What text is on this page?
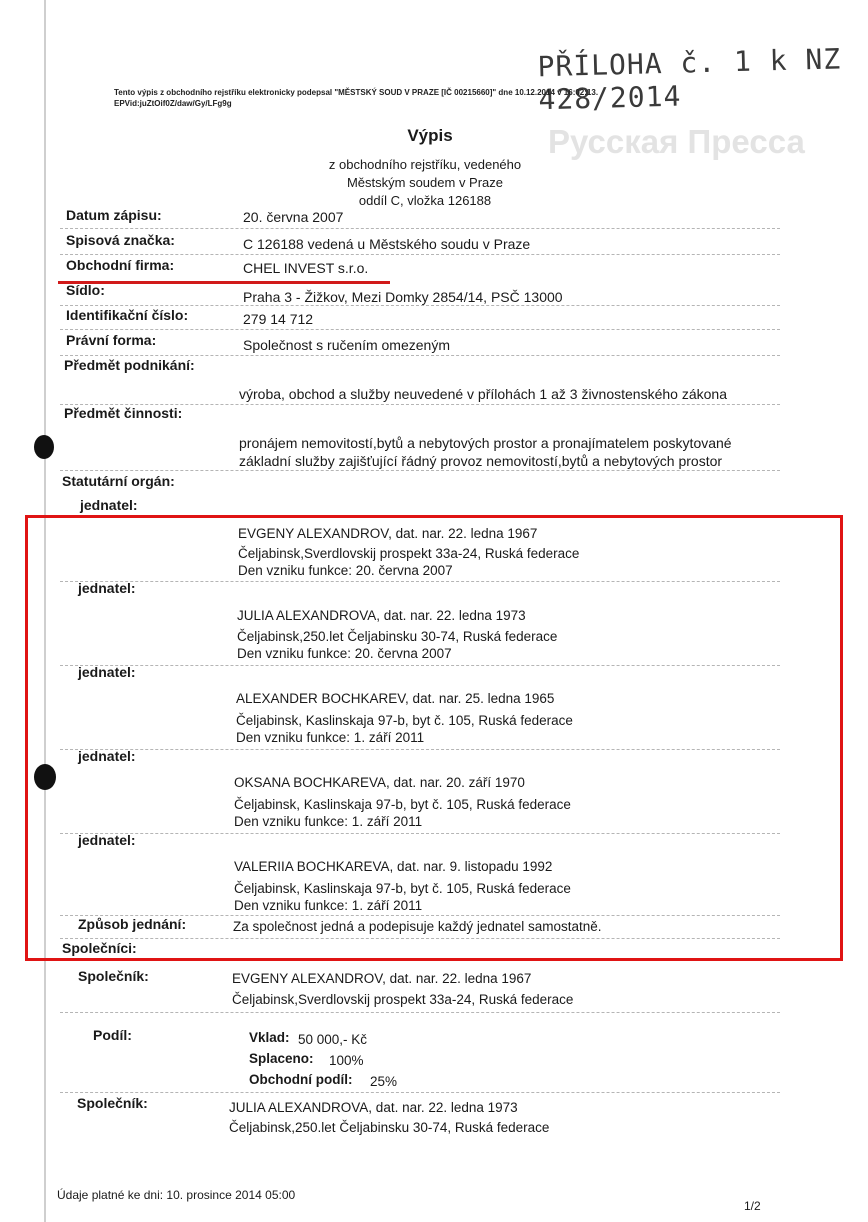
PŘÍLOHA č. 1 k NZ 428/2014
Tento výpis z obchodního rejstříku elektronicky podepsal "MĚSTSKÝ SOUD V PRAZE [IČ 00215660]" dne 10.12.2014 v 16:02:13.
EPVid:juZtOif0Z/daw/Gy/LFg9g
Русская Пресса
Výpis
z obchodního rejstříku, vedeného
Městským soudem v Praze
oddíl C, vložka 126188
Datum zápisu:	20. června 2007
Spisová značka:	C 126188 vedená u Městského soudu v Praze
Obchodní firma:	CHEL INVEST s.r.o.
Sídlo:	Praha 3 - Žižkov, Mezi Domky 2854/14, PSČ 13000
Identifikační číslo:	279 14 712
Právní forma:	Společnost s ručením omezeným
Předmět podnikání:
výroba, obchod a služby neuvedené v přílohách 1 až 3 živnostenského zákona
Předmět činnosti:
pronájem nemovitostí,bytů a nebytových prostor a pronajímatelem poskytované
základní služby zajišťující řádný provoz nemovitostí,bytů a nebytových prostor
Statutární orgán:
jednatel:
EVGENY ALEXANDROV, dat. nar. 22. ledna 1967
Čeljabinsk,Sverdlovskij prospekt 33a-24, Ruská federace
Den vzniku funkce: 20. června 2007
jednatel:
JULIA ALEXANDROVA, dat. nar. 22. ledna 1973
Čeljabinsk,250.let Čeljabinsku 30-74, Ruská federace
Den vzniku funkce: 20. června 2007
jednatel:
ALEXANDER BOCHKAREV, dat. nar. 25. ledna 1965
Čeljabinsk, Kaslinskaja 97-b, byt č. 105, Ruská federace
Den vzniku funkce: 1. září 2011
jednatel:
OKSANA BOCHKAREVA, dat. nar. 20. září 1970
Čeljabinsk, Kaslinskaja 97-b, byt č. 105, Ruská federace
Den vzniku funkce: 1. září 2011
jednatel:
VALERIIA BOCHKAREVA, dat. nar. 9. listopadu 1992
Čeljabinsk, Kaslinskaja 97-b, byt č. 105, Ruská federace
Den vzniku funkce: 1. září 2011
Způsob jednání:	Za společnost jedná a podepisuje každý jednatel samostatně.
Společníci:
Společník:	EVGENY ALEXANDROV, dat. nar. 22. ledna 1967
Čeljabinsk,Sverdlovskij prospekt 33a-24, Ruská federace
Podíl:	Vklad: 50 000,- Kč
Splaceno: 100%
Obchodní podíl: 25%
Společník:	JULIA ALEXANDROVA, dat. nar. 22. ledna 1973
Čeljabinsk,250.let Čeljabinsku 30-74, Ruská federace
Údaje platné ke dni: 10. prosince 2014 05:00
1/2
